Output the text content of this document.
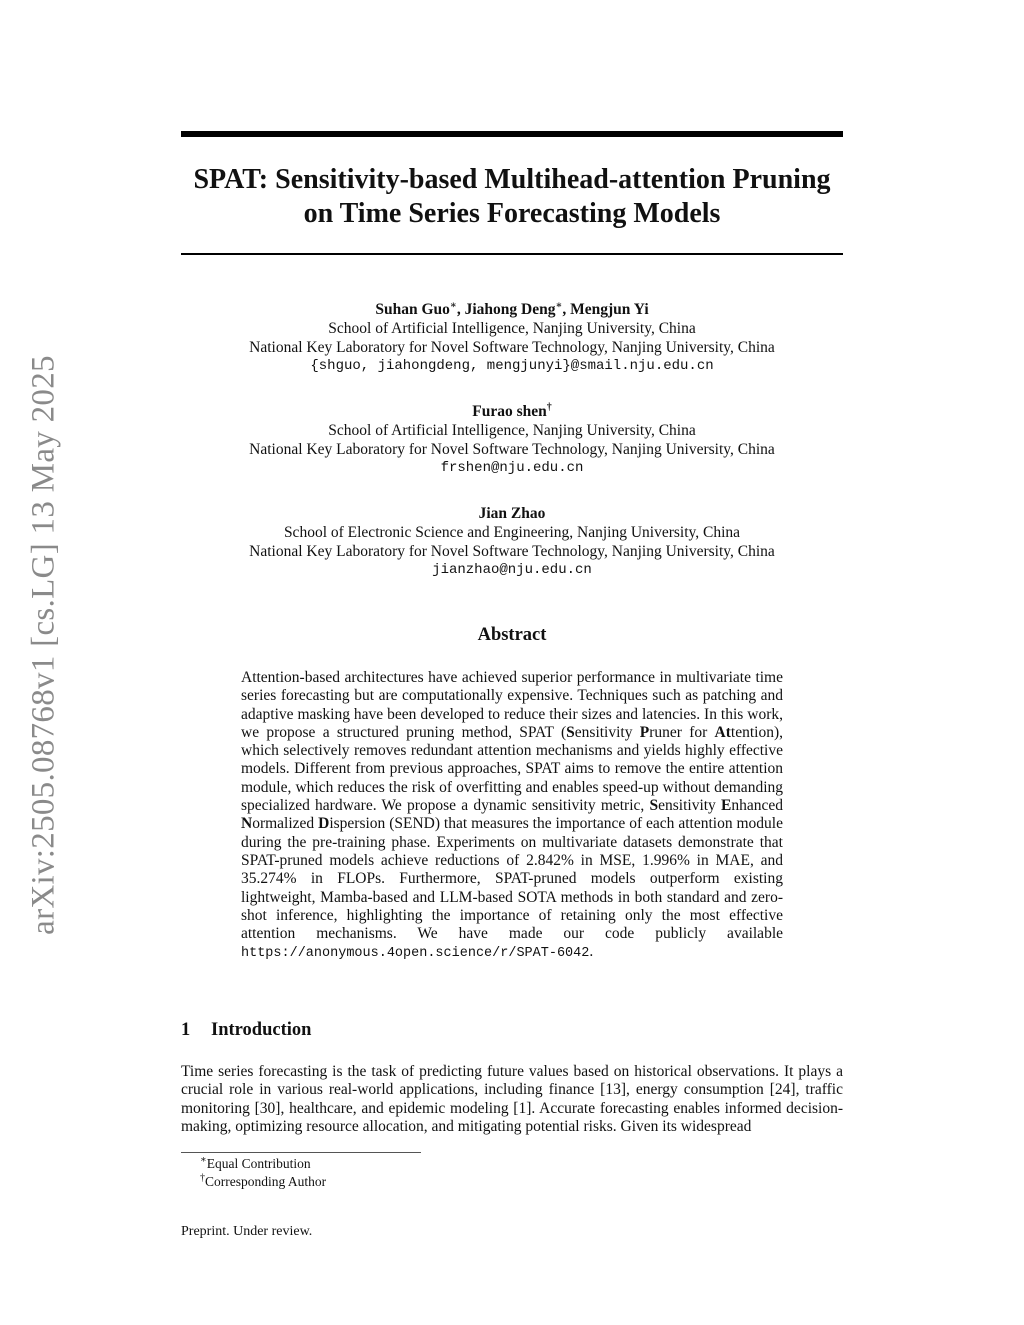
arXiv:2505.08768v1 [cs.LG] 13 May 2025
SPAT: Sensitivity-based Multihead-attention Pruning
on Time Series Forecasting Models
Suhan Guo∗, Jiahong Deng∗, Mengjun Yi
School of Artificial Intelligence, Nanjing University, China
National Key Laboratory for Novel Software Technology, Nanjing University, China
{shguo, jiahongdeng, mengjunyi}@smail.nju.edu.cn
Furao shen†
School of Artificial Intelligence, Nanjing University, China
National Key Laboratory for Novel Software Technology, Nanjing University, China
frshen@nju.edu.cn
Jian Zhao
School of Electronic Science and Engineering, Nanjing University, China
National Key Laboratory for Novel Software Technology, Nanjing University, China
jianzhao@nju.edu.cn
Abstract

Attention-based architectures have achieved superior performance in multivariate time series forecasting but are computationally expensive. Techniques such as patching and adaptive masking have been developed to reduce their sizes and latencies. In this work, we propose a structured pruning method, SPAT (Sensitivity Pruner for Attention), which selectively removes redundant attention mechanisms and yields highly effective models. Different from previous approaches, SPAT aims to remove the entire attention module, which reduces the risk of overfitting and enables speed-up without demanding specialized hardware. We propose a dynamic sensitivity metric, Sensitivity Enhanced Normalized Dispersion (SEND) that measures the importance of each attention module during the pre-training phase. Experiments on multivariate datasets demonstrate that SPAT-pruned models achieve reductions of 2.842% in MSE, 1.996% in MAE, and 35.274% in FLOPs. Furthermore, SPAT-pruned models outperform existing lightweight, Mamba-based and LLM-based SOTA methods in both standard and zero-shot inference, highlighting the importance of retaining only the most effective attention mechanisms. We have made our code publicly available https://anonymous.4open.science/r/SPAT-6042.

1 Introduction

Time series forecasting is the task of predicting future values based on historical observations. It plays a crucial role in various real-world applications, including finance [13], energy consumption [24], traffic monitoring [30], healthcare, and epidemic modeling [1]. Accurate forecasting enables informed decision-making, optimizing resource allocation, and mitigating potential risks. Given its widespread

∗Equal Contribution
†Corresponding Author
Preprint. Under review.
